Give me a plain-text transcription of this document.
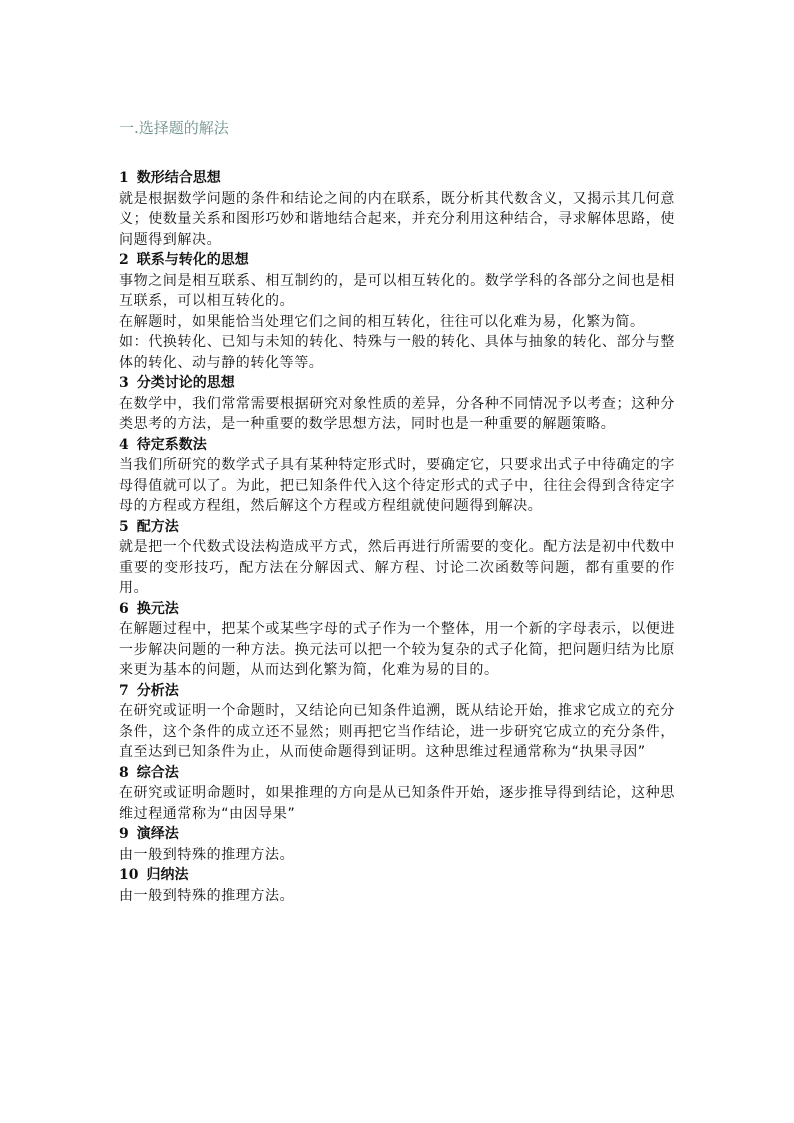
一.选择题的解法
1 数形结合思想

就是根据数学问题的条件和结论之间的内在联系，既分析其代数含义，又揭示其几何意义；使数量关系和图形巧妙和谐地结合起来，并充分利用这种结合，寻求解体思路，使问题得到解决。

2 联系与转化的思想

事物之间是相互联系、相互制约的，是可以相互转化的。数学学科的各部分之间也是相互联系，可以相互转化的。

在解题时，如果能恰当处理它们之间的相互转化，往往可以化难为易，化繁为简。

如：代换转化、已知与未知的转化、特殊与一般的转化、具体与抽象的转化、部分与整体的转化、动与静的转化等等。

3 分类讨论的思想

在数学中，我们常常需要根据研究对象性质的差异，分各种不同情况予以考查；这种分类思考的方法，是一种重要的数学思想方法，同时也是一种重要的解题策略。

4 待定系数法

当我们所研究的数学式子具有某种特定形式时，要确定它，只要求出式子中待确定的字母得值就可以了。为此，把已知条件代入这个待定形式的式子中，往往会得到含待定字母的方程或方程组，然后解这个方程或方程组就使问题得到解决。

5 配方法

就是把一个代数式设法构造成平方式，然后再进行所需要的变化。配方法是初中代数中重要的变形技巧，配方法在分解因式、解方程、讨论二次函数等问题，都有重要的作用。

6 换元法

在解题过程中，把某个或某些字母的式子作为一个整体，用一个新的字母表示，以便进一步解决问题的一种方法。换元法可以把一个较为复杂的式子化简，把问题归结为比原来更为基本的问题，从而达到化繁为简，化难为易的目的。

7 分析法

在研究或证明一个命题时，又结论向已知条件追溯，既从结论开始，推求它成立的充分条件，这个条件的成立还不显然；则再把它当作结论，进一步研究它成立的充分条件，直至达到已知条件为止，从而使命题得到证明。这种思维过程通常称为“执果寻因”

8 综合法

在研究或证明命题时，如果推理的方向是从已知条件开始，逐步推导得到结论，这种思维过程通常称为“由因导果”

9 演绎法

由一般到特殊的推理方法。

10 归纳法

由一般到特殊的推理方法。
